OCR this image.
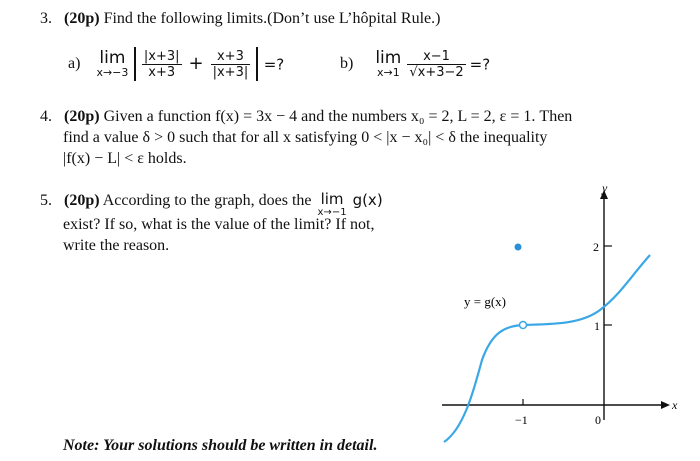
3. (20p) Find the following limits.(Don’t use L’hôpital Rule.)
a) lim
x→−3
$\frac{|x+3|}{x+3} + \frac{x+3}{|x+3|}$ =?	b) lim
x→1
$\frac{x-1}{√x+3-2}$ =?
4. (20p) Given a function f(x) = 3x − 4 and the numbers x₀ = 2, L = 2, ε = 1. Then
find a value δ > 0 such that for all x satisfying 0 < |x − x₀| < δ the inequality
|f(x) − L| < ε holds.
5. (20p) According to the graph, does the lim
x→−1
g(x)
exist? If so, what is the value of the limit? If not,
write the reason.
Note: Your solutions should be written in detail.
y
x
2
1
0
−1
y = g(x)
